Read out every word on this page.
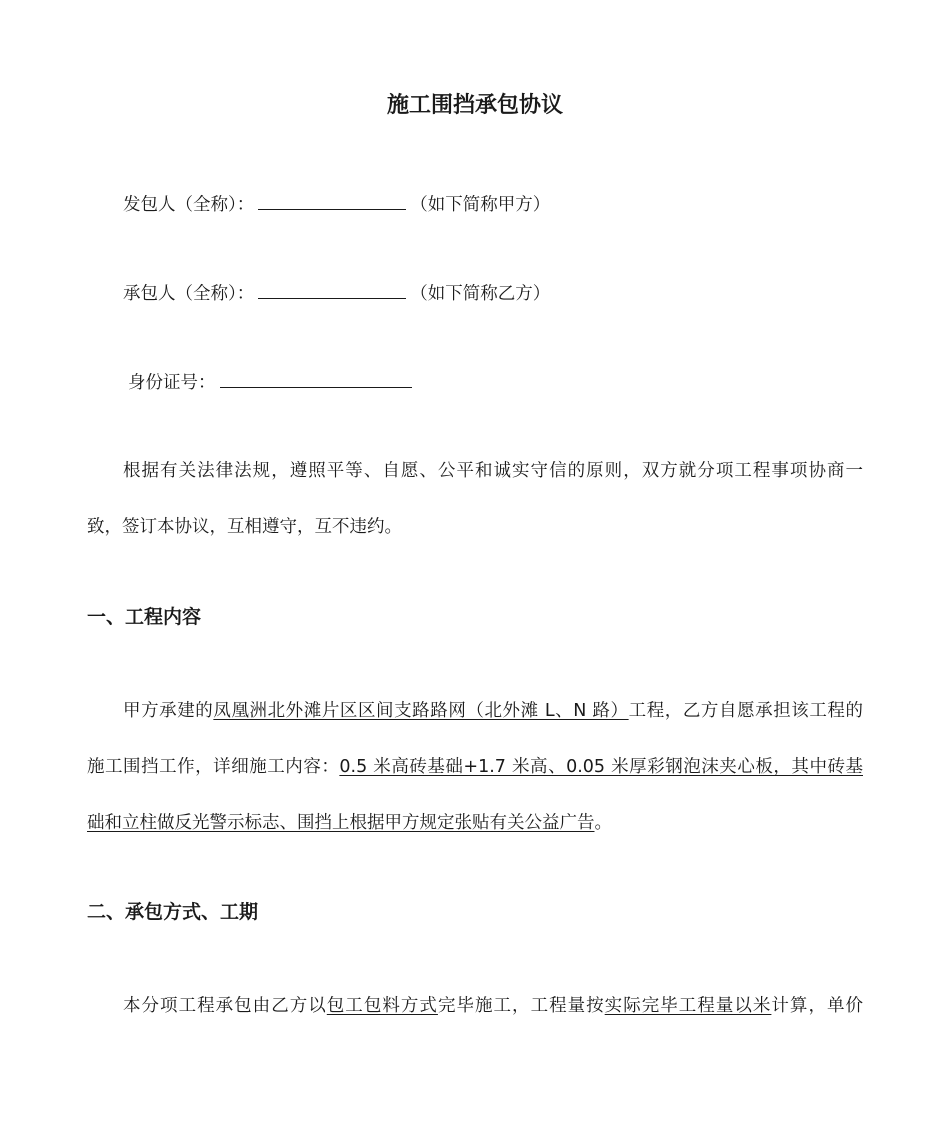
施工围挡承包协议
发包人（全称）：	（如下简称甲方）
承包人（全称）：	（如下简称乙方）
身份证号：
根据有关法律法规，遵照平等、自愿、公平和诚实守信的原则，双方就分项工程事项协商一
致，签订本协议，互相遵守，互不违约。
一、工程内容
甲方承建的凤凰洲北外滩片区区间支路路网（北外滩 L、N 路）工程，乙方自愿承担该工程的
施工围挡工作，详细施工内容：0.5 米高砖基础+1.7 米高、0.05 米厚彩钢泡沫夹心板，其中砖基
础和立柱做反光警示标志、围挡上根据甲方规定张贴有关公益广告。
二、承包方式、工期
本分项工程承包由乙方以包工包料方式完毕施工，工程量按实际完毕工程量以米计算，单价
